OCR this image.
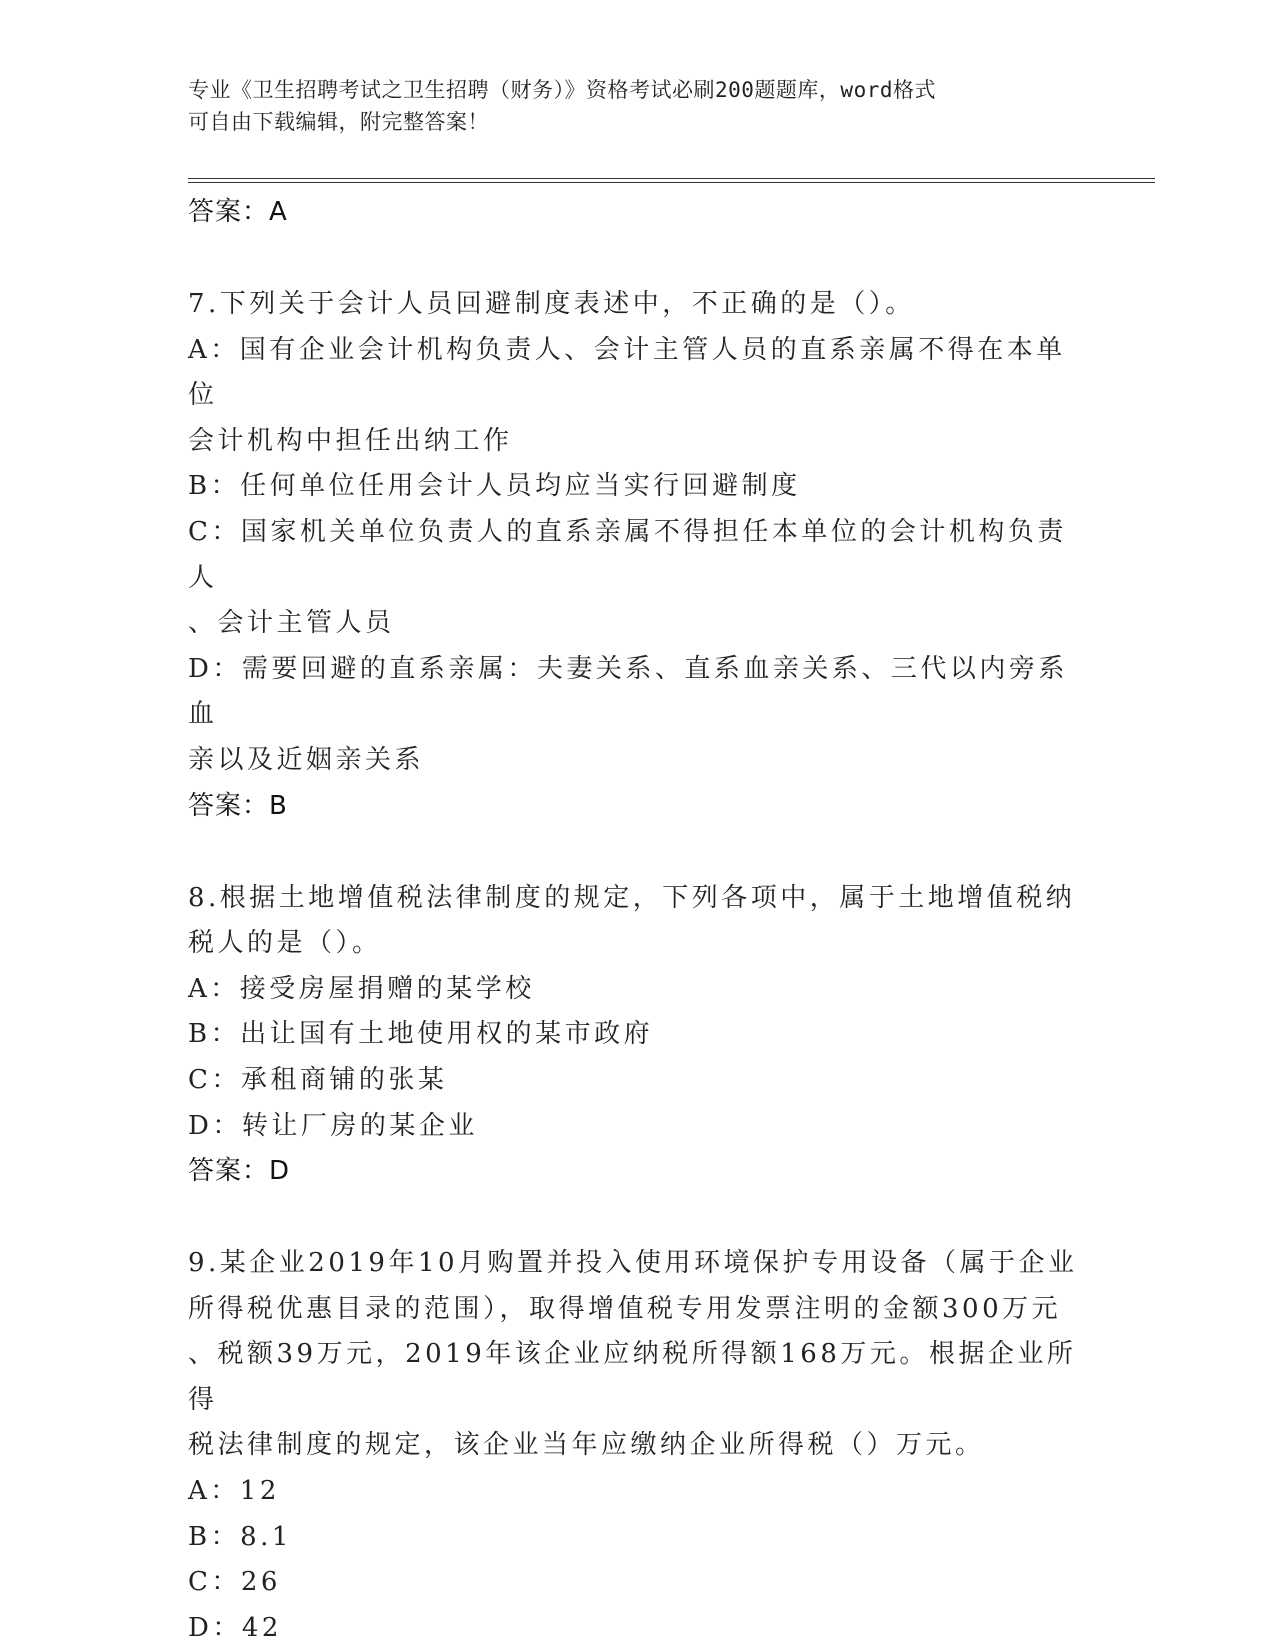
专业《卫生招聘考试之卫生招聘（财务）》资格考试必刷200题题库，word格式
可自由下载编辑，附完整答案！
答案：A
7.下列关于会计人员回避制度表述中，不正确的是（）。
A：国有企业会计机构负责人、会计主管人员的直系亲属不得在本单位
会计机构中担任出纳工作
B：任何单位任用会计人员均应当实行回避制度
C：国家机关单位负责人的直系亲属不得担任本单位的会计机构负责人
、会计主管人员
D：需要回避的直系亲属：夫妻关系、直系血亲关系、三代以内旁系血
亲以及近姻亲关系
答案：B
8.根据土地增值税法律制度的规定，下列各项中，属于土地增值税纳
税人的是（）。
A：接受房屋捐赠的某学校
B：出让国有土地使用权的某市政府
C：承租商铺的张某
D：转让厂房的某企业
答案：D
9.某企业2019年10月购置并投入使用环境保护专用设备（属于企业
所得税优惠目录的范围），取得增值税专用发票注明的金额300万元
、税额39万元，2019年该企业应纳税所得额168万元。根据企业所得
税法律制度的规定，该企业当年应缴纳企业所得税（）万元。
A：12
B：8.1
C：26
D：42
